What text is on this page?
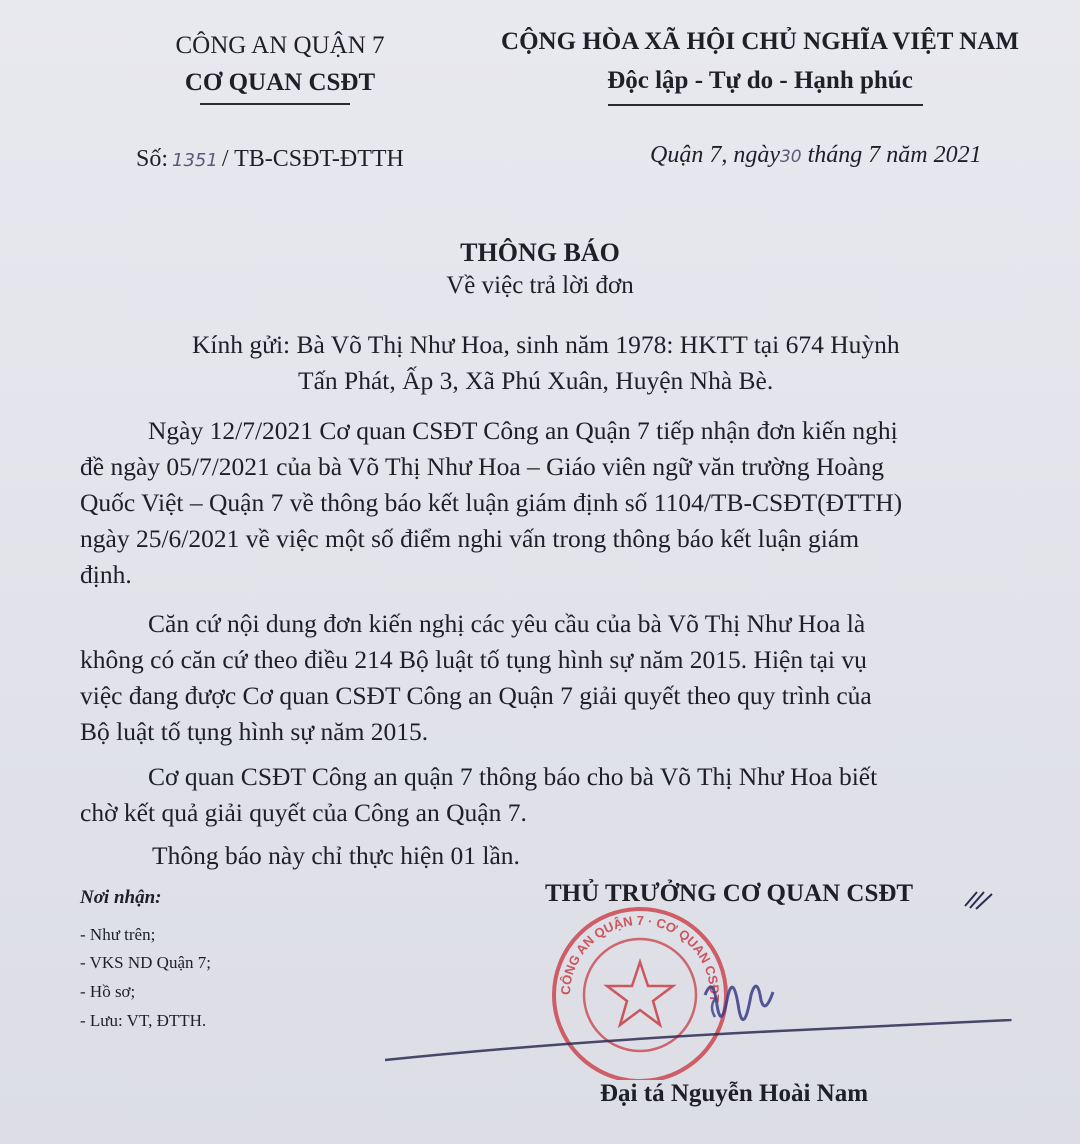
CÔNG AN QUẬN 7
CƠ QUAN CSĐT
CỘNG HÒA XÃ HỘI CHỦ NGHĨA VIỆT NAM
Độc lập - Tự do - Hạnh phúc
Số: 1351 / TB-CSĐT-ĐTTH	Quận 7, ngày30 tháng 7 năm 2021
THÔNG BÁO
Về việc trả lời đơn
Kính gửi: Bà Võ Thị Như Hoa, sinh năm 1978: HKTT tại 674 Huỳnh
Tấn Phát, Ấp 3, Xã Phú Xuân, Huyện Nhà Bè.
Ngày 12/7/2021 Cơ quan CSĐT Công an Quận 7 tiếp nhận đơn kiến nghị
đề ngày 05/7/2021 của bà Võ Thị Như Hoa – Giáo viên ngữ văn trường Hoàng
Quốc Việt – Quận 7 về thông báo kết luận giám định số 1104/TB-CSĐT(ĐTTH)
ngày 25/6/2021 về việc một số điểm nghi vấn trong thông báo kết luận giám
định.
Căn cứ nội dung đơn kiến nghị các yêu cầu của bà Võ Thị Như Hoa là
không có căn cứ theo điều 214 Bộ luật tố tụng hình sự năm 2015. Hiện tại vụ
việc đang được Cơ quan CSĐT Công an Quận 7 giải quyết theo quy trình của
Bộ luật tố tụng hình sự năm 2015.
Cơ quan CSĐT Công an quận 7 thông báo cho bà Võ Thị Như Hoa biết
chờ kết quả giải quyết của Công an Quận 7.
Thông báo này chỉ thực hiện 01 lần.
Nơi nhận:
- Như trên;
- VKS ND Quận 7;
- Hồ sơ;
- Lưu: VT, ĐTTH.
THỦ TRƯỞNG CƠ QUAN CSĐT
CÔNG AN QUẬN 7 · CƠ QUAN CSĐT
Đại tá Nguyễn Hoài Nam
